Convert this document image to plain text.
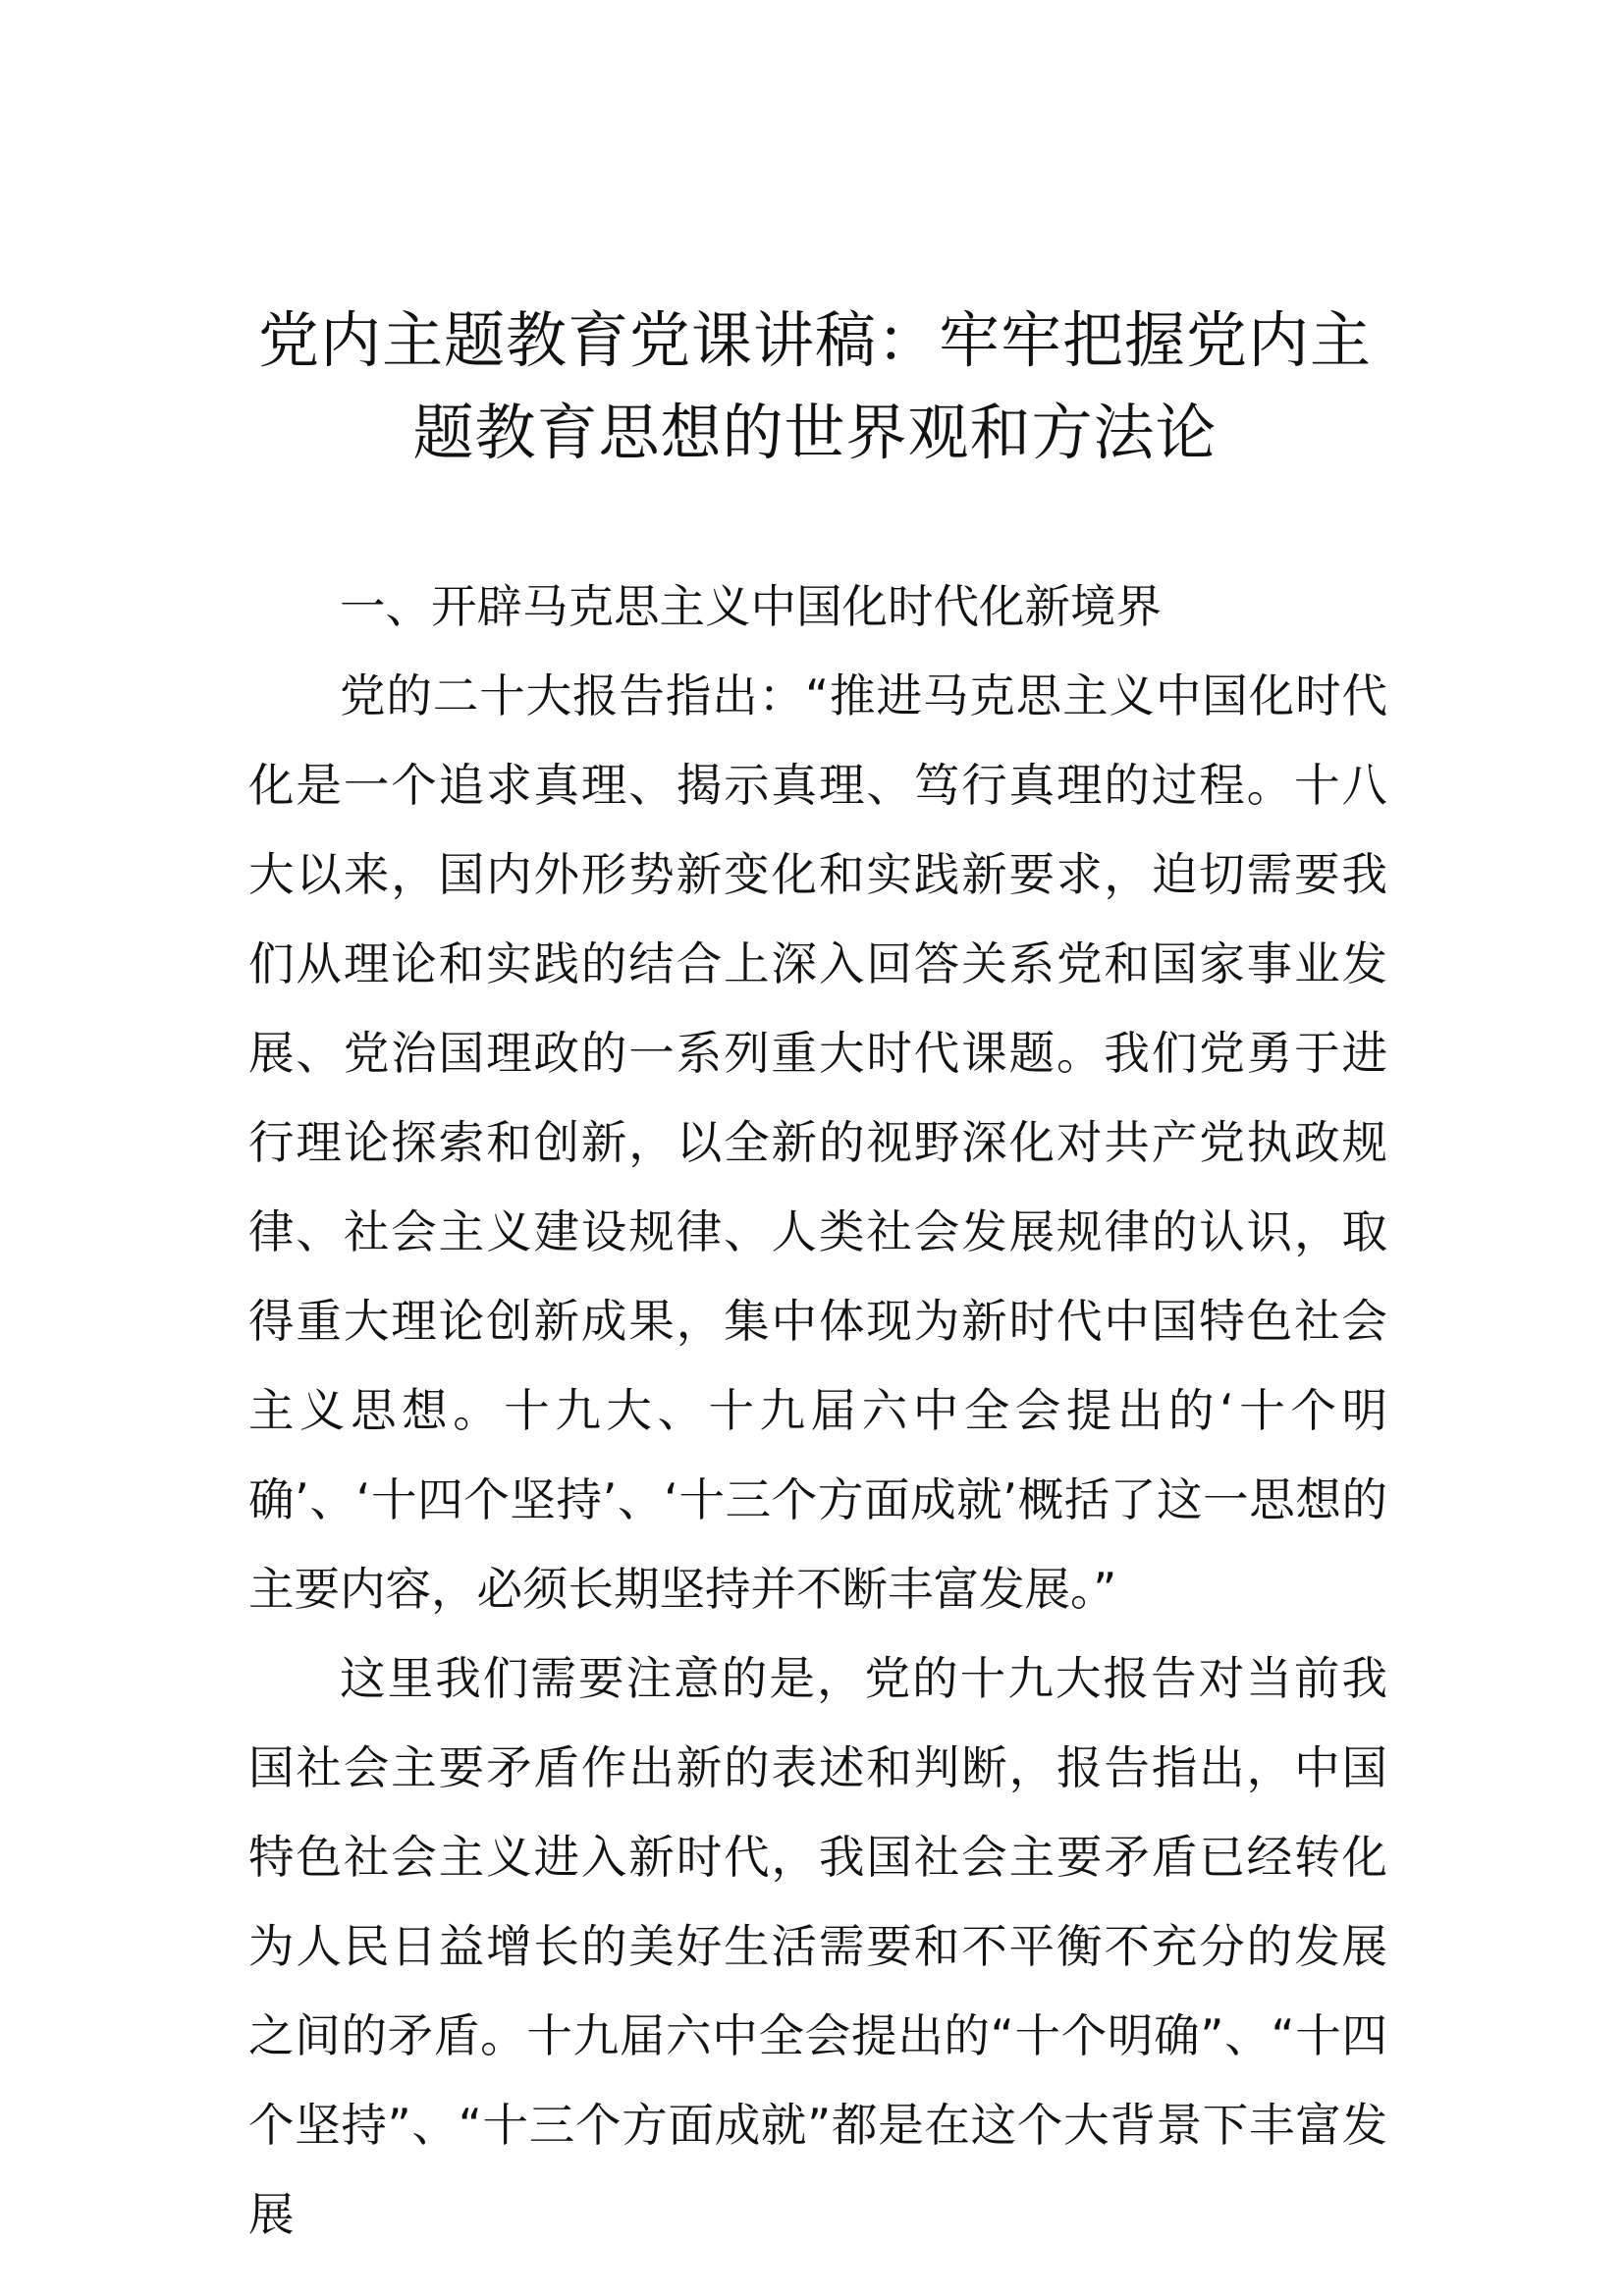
党内主题教育党课讲稿：牢牢把握党内主题教育思想的世界观和方法论

一、开辟马克思主义中国化时代化新境界

党的二十大报告指出：“推进马克思主义中国化时代化是一个追求真理、揭示真理、笃行真理的过程。十八大以来，国内外形势新变化和实践新要求，迫切需要我们从理论和实践的结合上深入回答关系党和国家事业发展、党治国理政的一系列重大时代课题。我们党勇于进行理论探索和创新，以全新的视野深化对共产党执政规律、社会主义建设规律、人类社会发展规律的认识，取得重大理论创新成果，集中体现为新时代中国特色社会主义思想。十九大、十九届六中全会提出的‘十个明确’、‘十四个坚持’、‘十三个方面成就’概括了这一思想的主要内容，必须长期坚持并不断丰富发展。”

这里我们需要注意的是，党的十九大报告对当前我国社会主要矛盾作出新的表述和判断，报告指出，中国特色社会主义进入新时代，我国社会主要矛盾已经转化为人民日益增长的美好生活需要和不平衡不充分的发展之间的矛盾。十九届六中全会提出的“十个明确”、“十四个坚持”、“十三个方面成就”都是在这个大背景下丰富发展
